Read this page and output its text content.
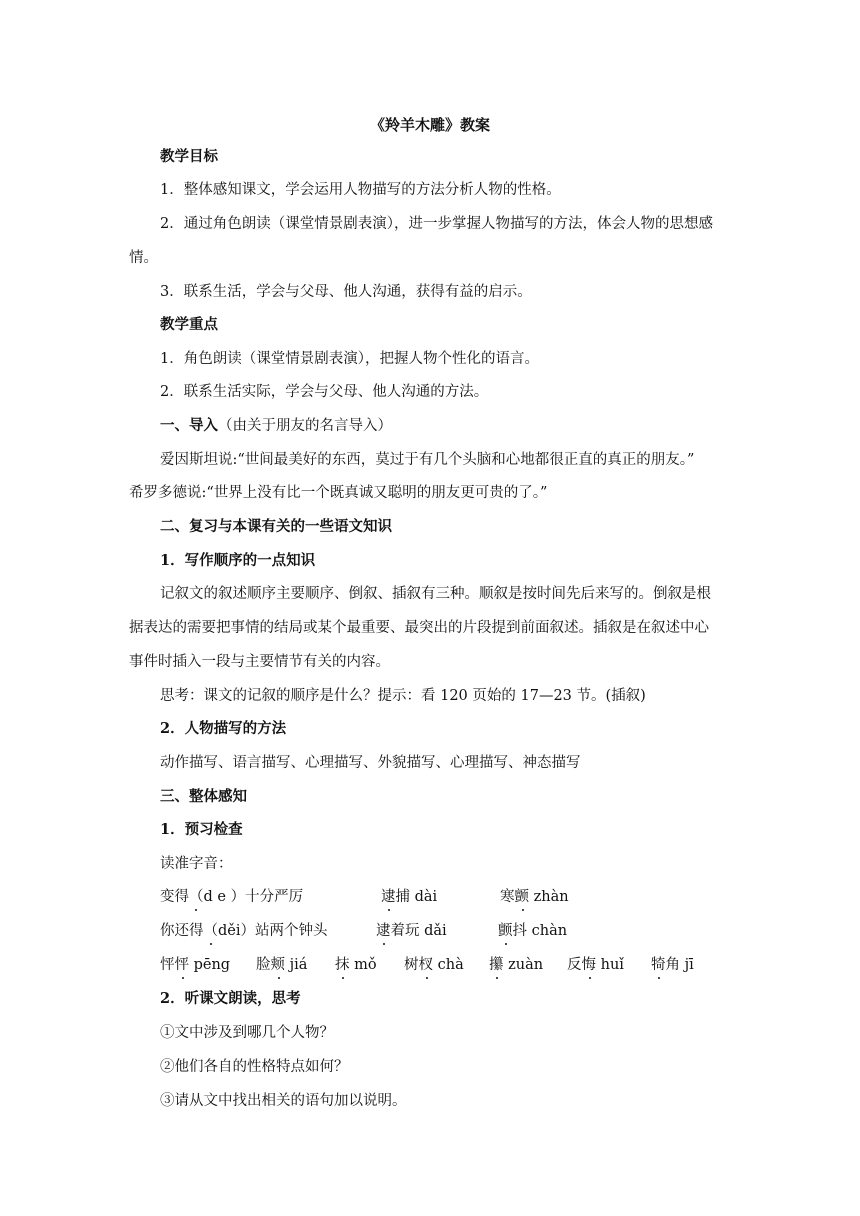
《羚羊木雕》教案
教学目标
1．整体感知课文，学会运用人物描写的方法分析人物的性格。
2．通过角色朗读（课堂情景剧表演），进一步掌握人物描写的方法，体会人物的思想感
情。
3．联系生活，学会与父母、他人沟通，获得有益的启示。
教学重点
1．角色朗读（课堂情景剧表演），把握人物个性化的语言。
2．联系生活实际，学会与父母、他人沟通的方法。
一、导入（由关于朋友的名言导入）
爱因斯坦说:“世间最美好的东西，莫过于有几个头脑和心地都很正直的真正的朋友。”
希罗多德说:“世界上没有比一个既真诚又聪明的朋友更可贵的了。”
二、复习与本课有关的一些语文知识
1．写作顺序的一点知识
记叙文的叙述顺序主要顺序、倒叙、插叙有三种。顺叙是按时间先后来写的。倒叙是根
据表达的需要把事情的结局或某个最重要、最突出的片段提到前面叙述。插叙是在叙述中心
事件时插入一段与主要情节有关的内容。
思考：课文的记叙的顺序是什么？提示：看 120 页始的 17—23 节。(插叙)
2．人物描写的方法
动作描写、语言描写、心理描写、外貌描写、心理描写、神态描写
三、整体感知
1．预习检查
读准字音：
变得（d e ）十分严厉	逮捕 dài	寒颤 zhàn
你还得（děi）站两个钟头	逮着玩 dǎi	颤抖 chàn
怦怦 pēng 脸颊 jiá 抹 mǒ 树杈 chà 攥 zuàn 反悔 huǐ 犄角 jī
2．听课文朗读，思考
①文中涉及到哪几个人物？
②他们各自的性格特点如何？
③请从文中找出相关的语句加以说明。
